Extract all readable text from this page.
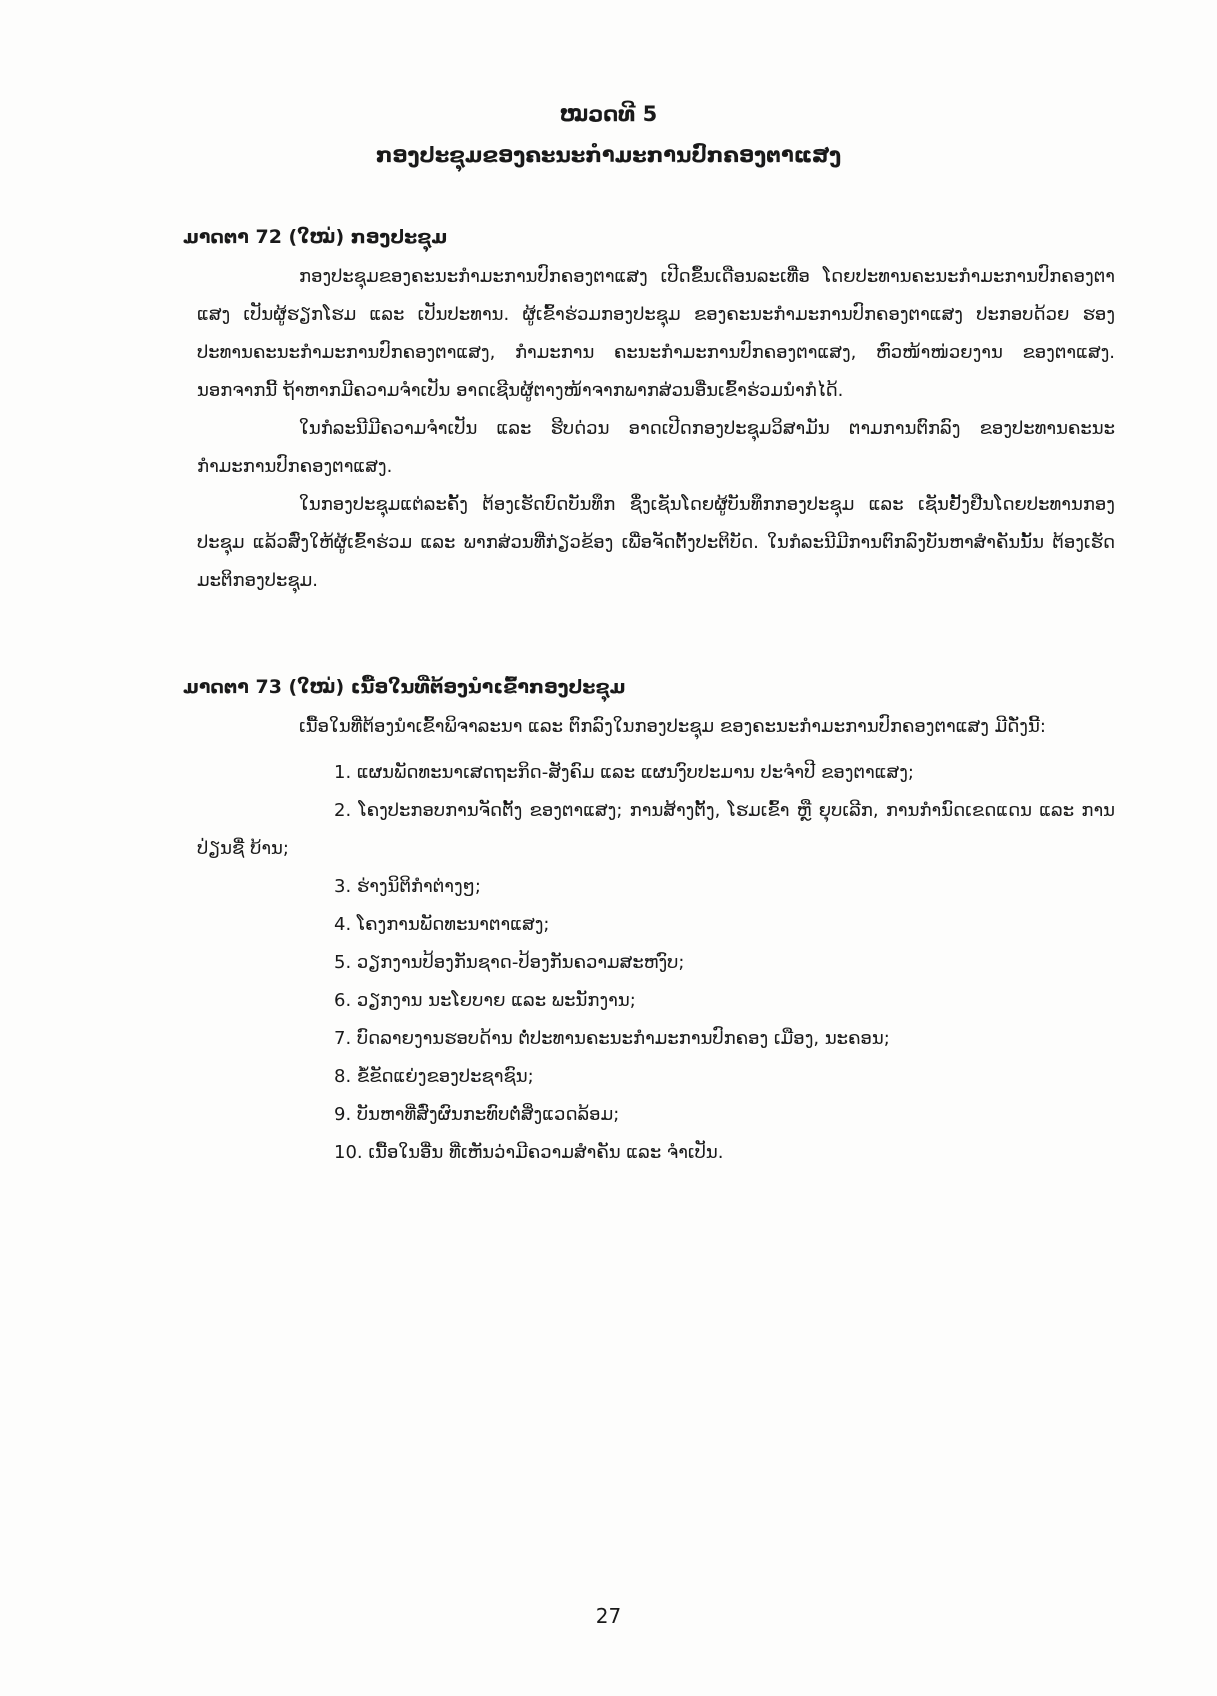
ໝວດທີ 5
ກອງປະຊຸມຂອງຄະນະກຳມະການປົກຄອງຕາແສງ
ມາດຕາ 72 (ໃໝ່) ກອງປະຊຸມ

ກອງປະຊຸມຂອງຄະນະກຳມະການປົກຄອງຕາແສງ ເປີດຂຶ້ນເດືອນລະເທື່ອ ໂດຍປະທານຄະນະກຳມະການປົກຄອງຕາແສງ ເປັນຜູ້ຮຽກໂຮມ ແລະ ເປັນປະທານ. ຜູ້ເຂົ້າຮ່ວມກອງປະຊຸມ ຂອງຄະນະກຳມະການປົກຄອງຕາແສງ ປະກອບດ້ວຍ ຮອງປະທານຄະນະກຳມະການປົກຄອງຕາແສງ, ກຳມະການ ຄະນະກຳມະການປົກຄອງຕາແສງ, ຫົວໜ້າໜ່ວຍງານ ຂອງຕາແສງ. ນອກຈາກນີ້ ຖ້າຫາກມີຄວາມຈຳເປັນ ອາດເຊີນຜູ້ຕາງໜ້າຈາກພາກສ່ວນອື່ນເຂົ້າຮ່ວມນຳກໍໄດ້.

ໃນກໍລະນີມີຄວາມຈຳເປັນ ແລະ ຮີບດ່ວນ ອາດເປີດກອງປະຊຸມວິສາມັນ ຕາມການຕົກລົງ ຂອງປະທານຄະນະກຳມະການປົກຄອງຕາແສງ.

ໃນກອງປະຊຸມແຕ່ລະຄັ້ງ ຕ້ອງເຮັດບົດບັນທຶກ ຊຶ່ງເຊັນໂດຍຜູ້ບັນທຶກກອງປະຊຸມ ແລະ ເຊັນຢັ້ງຢືນໂດຍປະທານກອງປະຊຸມ ແລ້ວສົ່ງໃຫ້ຜູ້ເຂົ້າຮ່ວມ ແລະ ພາກສ່ວນທີ່ກ່ຽວຂ້ອງ ເພື່ອຈັດຕັ້ງປະຕິບັດ. ໃນກໍລະນີມີການຕົກລົງບັນຫາສຳຄັນນັ້ນ ຕ້ອງເຮັດມະຕິກອງປະຊຸມ.

ມາດຕາ 73 (ໃໝ່) ເນື້ອໃນທີ່ຕ້ອງນຳເຂົ້າກອງປະຊຸມ

ເນື້ອໃນທີ່ຕ້ອງນຳເຂົ້າພິຈາລະນາ ແລະ ຕົກລົງໃນກອງປະຊຸມ ຂອງຄະນະກຳມະການປົກຄອງຕາແສງ ມີດັ່ງນີ້:

1. ແຜນພັດທະນາເສດຖະກິດ-ສັງຄົມ ແລະ ແຜນງົບປະມານ ປະຈຳປີ ຂອງຕາແສງ;
2. ໂຄງປະກອບການຈັດຕັ້ງ ຂອງຕາແສງ; ການສ້າງຕັ້ງ, ໂຮມເຂົ້າ ຫຼື ຍຸບເລີກ, ການກຳນົດເຂດແດນ ແລະ ການປ່ຽນຊື່ ບ້ານ;
3. ຮ່າງນິຕິກຳຕ່າງໆ;
4. ໂຄງການພັດທະນາຕາແສງ;
5. ວຽກງານປ້ອງກັນຊາດ-ປ້ອງກັນຄວາມສະຫງົບ;
6. ວຽກງານ ນະໂຍບາຍ ແລະ ພະນັກງານ;
7. ບົດລາຍງານຮອບດ້ານ ຕໍ່ປະທານຄະນະກຳມະການປົກຄອງ ເມືອງ, ນະຄອນ;
8. ຂໍ້ຂັດແຍ່ງຂອງປະຊາຊົນ;
9. ບັນຫາທີ່ສົ່ງຜົນກະທົບຕໍ່ສິ່ງແວດລ້ອມ;
10. ເນື້ອໃນອື່ນ ທີ່ເຫັນວ່າມີຄວາມສຳຄັນ ແລະ ຈຳເປັນ.
27
